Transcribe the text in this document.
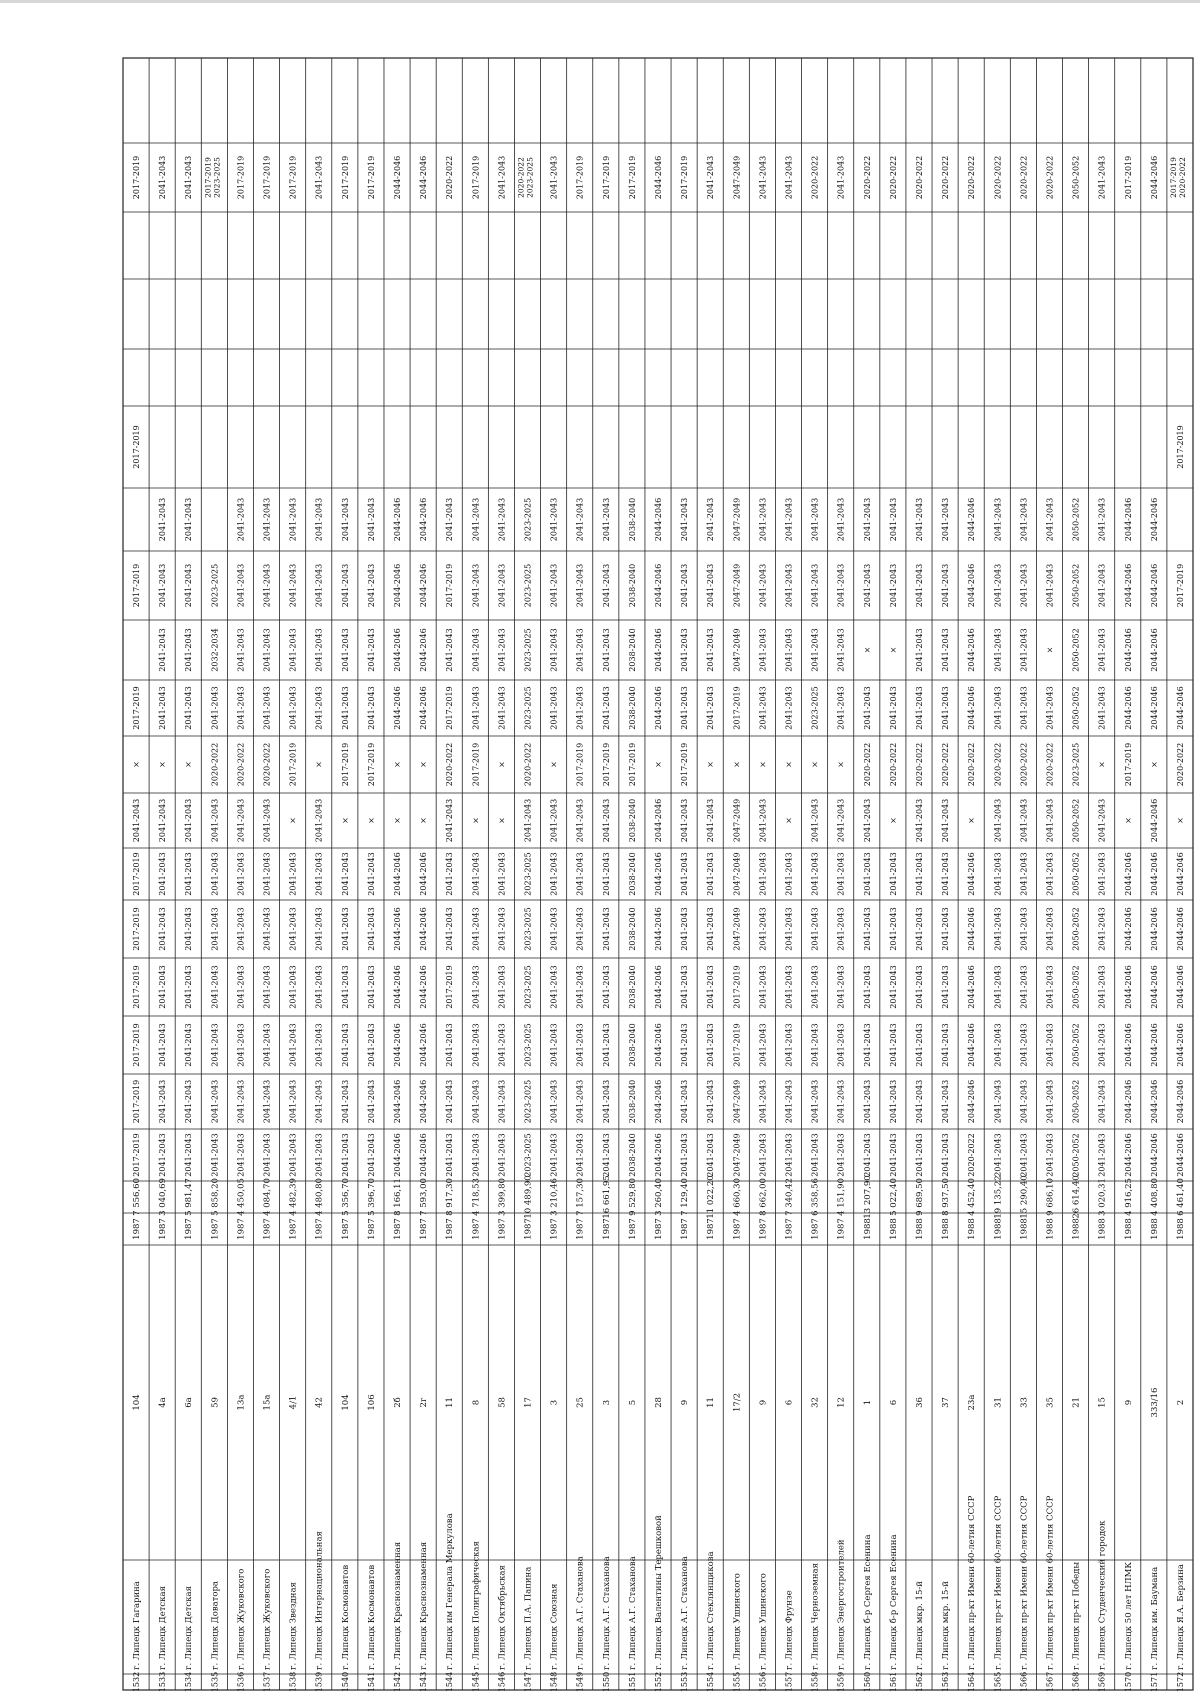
1532
г. Липецк Гагарина
104
1987
7 556,60
2017-2019
2017-2019
2017-2019
2017-2019
2017-2019
2017-2019
2041-2043
×
2017-2019
2017-2019
2017-2019
2017-2019
1533
г. Липецк Детская
4а
1987
3 040,69
2041-2043
2041-2043
2041-2043
2041-2043
2041-2043
2041-2043
2041-2043
×
2041-2043
2041-2043
2041-2043
2041-2043
2041-2043
1534
г. Липецк Детская
6а
1987
5 981,47
2041-2043
2041-2043
2041-2043
2041-2043
2041-2043
2041-2043
2041-2043
×
2041-2043
2041-2043
2041-2043
2041-2043
2041-2043
1535
г. Липецк Доватора
59
1987
5 858,20
2041-2043
2041-2043
2041-2043
2041-2043
2041-2043
2041-2043
2041-2043
2020-2022
2041-2043
2032-2034
2023-2025
2017-2019 2023-2025
1536
г. Липецк Жуковского
13а
1987
4 450,05
2041-2043
2041-2043
2041-2043
2041-2043
2041-2043
2041-2043
2041-2043
2020-2022
2041-2043
2041-2043
2041-2043
2041-2043
2017-2019
1537
г. Липецк Жуковского
15а
1987
4 084,70
2041-2043
2041-2043
2041-2043
2041-2043
2041-2043
2041-2043
2041-2043
2020-2022
2041-2043
2041-2043
2041-2043
2041-2043
2017-2019
1538
г. Липецк Звездная
4/1
1987
4 482,39
2041-2043
2041-2043
2041-2043
2041-2043
2041-2043
2041-2043
×
2017-2019
2041-2043
2041-2043
2041-2043
2041-2043
2017-2019
1539
г. Липецк Интернациональная
42
1987
4 480,80
2041-2043
2041-2043
2041-2043
2041-2043
2041-2043
2041-2043
2041-2043
×
2041-2043
2041-2043
2041-2043
2041-2043
2041-2043
1540
г. Липецк Космонавтов
104
1987
5 356,70
2041-2043
2041-2043
2041-2043
2041-2043
2041-2043
2041-2043
×
2017-2019
2041-2043
2041-2043
2041-2043
2041-2043
2017-2019
1541
г. Липецк Космонавтов
106
1987
5 396,70
2041-2043
2041-2043
2041-2043
2041-2043
2041-2043
2041-2043
×
2017-2019
2041-2043
2041-2043
2041-2043
2041-2043
2017-2019
1542
г. Липецк Краснознаменная
2б
1987
8 166,11
2044-2046
2044-2046
2044-2046
2044-2046
2044-2046
2044-2046
×
×
2044-2046
2044-2046
2044-2046
2044-2046
2044-2046
1543
г. Липецк Краснознаменная
2г
1987
7 593,00
2044-2046
2044-2046
2044-2046
2044-2046
2044-2046
2044-2046
×
×
2044-2046
2044-2046
2044-2046
2044-2046
2044-2046
1544
г. Липецк им Генерала Меркулова
11
1987
8 917,30
2041-2043
2041-2043
2041-2043
2017-2019
2041-2043
2041-2043
2041-2043
2020-2022
2017-2019
2041-2043
2017-2019
2041-2043
2020-2022
1545
г. Липецк Полиграфическая
8
1987
4 718,53
2041-2043
2041-2043
2041-2043
2041-2043
2041-2043
2041-2043
×
2017-2019
2041-2043
2041-2043
2041-2043
2041-2043
2017-2019
1546
г. Липецк Октябрьская
58
1987
3 399,80
2041-2043
2041-2043
2041-2043
2041-2043
2041-2043
2041-2043
×
×
2041-2043
2041-2043
2041-2043
2041-2043
2041-2043
1547
г. Липецк П.А. Папина
17
1987
10 489,90
2023-2025
2023-2025
2023-2025
2023-2025
2023-2025
2023-2025
2041-2043
2020-2022
2023-2025
2023-2025
2023-2025
2023-2025
2020-2022 2023-2025
1548
г. Липецк Союзная
3
1987
3 210,46
2041-2043
2041-2043
2041-2043
2041-2043
2041-2043
2041-2043
2041-2043
×
2041-2043
2041-2043
2041-2043
2041-2043
2041-2043
1549
г. Липецк А.Г. Стаханова
25
1987
7 157,30
2041-2043
2041-2043
2041-2043
2041-2043
2041-2043
2041-2043
2041-2043
2017-2019
2041-2043
2041-2043
2041-2043
2041-2043
2017-2019
1550
г. Липецк А.Г. Стаханова
3
1987
16 661,95
2041-2043
2041-2043
2041-2043
2041-2043
2041-2043
2041-2043
2041-2043
2017-2019
2041-2043
2041-2043
2041-2043
2041-2043
2017-2019
1551
г. Липецк А.Г. Стаханова
5
1987
9 529,80
2038-2040
2038-2040
2038-2040
2038-2040
2038-2040
2038-2040
2038-2040
2017-2019
2038-2040
2038-2040
2038-2040
2038-2040
2017-2019
1552
г. Липецк Валентины Терешковой
28
1987
3 260,40
2044-2046
2044-2046
2044-2046
2044-2046
2044-2046
2044-2046
2044-2046
×
2044-2046
2044-2046
2044-2046
2044-2046
2044-2046
1553
г. Липецк А.Г. Стаханова
9
1987
7 129,40
2041-2043
2041-2043
2041-2043
2041-2043
2041-2043
2041-2043
2041-2043
2017-2019
2041-2043
2041-2043
2041-2043
2041-2043
2017-2019
1554
г. Липецк Стеклянщикова
11
1987
11 022,20
2041-2043
2041-2043
2041-2043
2041-2043
2041-2043
2041-2043
2041-2043
×
2041-2043
2041-2043
2041-2043
2041-2043
2041-2043
1555
г. Липецк Ушинского
17/2
1987
4 660,30
2047-2049
2047-2049
2017-2019
2017-2019
2047-2049
2047-2049
2047-2049
×
2017-2019
2047-2049
2047-2049
2047-2049
2047-2049
1556
г. Липецк Ушинского
9
1987
8 662,00
2041-2043
2041-2043
2041-2043
2041-2043
2041-2043
2041-2043
2041-2043
×
2041-2043
2041-2043
2041-2043
2041-2043
2041-2043
1557
г. Липецк Фрунзе
6
1987
7 340,42
2041-2043
2041-2043
2041-2043
2041-2043
2041-2043
2041-2043
×
×
2041-2043
2041-2043
2041-2043
2041-2043
2041-2043
1558
г. Липецк Черноземная
32
1987
6 358,56
2041-2043
2041-2043
2041-2043
2041-2043
2041-2043
2041-2043
2041-2043
×
2023-2025
2041-2043
2041-2043
2041-2043
2020-2022
1559
г. Липецк Энергостроителей
12
1987
4 151,90
2041-2043
2041-2043
2041-2043
2041-2043
2041-2043
2041-2043
2041-2043
×
2041-2043
2041-2043
2041-2043
2041-2043
2041-2043
1560
г. Липецк б-р Сергея Есенина
1
1988
13 207,90
2041-2043
2041-2043
2041-2043
2041-2043
2041-2043
2041-2043
2041-2043
2020-2022
2041-2043
×
2041-2043
2041-2043
2020-2022
1561
г. Липецк б-р Сергея Есенина
6
1988
5 022,40
2041-2043
2041-2043
2041-2043
2041-2043
2041-2043
2041-2043
×
2020-2022
2041-2043
×
2041-2043
2041-2043
2020-2022
1562
г. Липецк мкр. 15-й
36
1988
9 689,50
2041-2043
2041-2043
2041-2043
2041-2043
2041-2043
2041-2043
2041-2043
2020-2022
2041-2043
2041-2043
2041-2043
2041-2043
2020-2022
1563
г. Липецк мкр. 15-й
37
1988
8 937,50
2041-2043
2041-2043
2041-2043
2041-2043
2041-2043
2041-2043
2041-2043
2020-2022
2041-2043
2041-2043
2041-2043
2041-2043
2020-2022
1564
г. Липецк пр-кт Имени 60-летия СССР
23а
1988
4 452,40
2020-2022
2044-2046
2044-2046
2044-2046
2044-2046
2044-2046
×
2020-2022
2044-2046
2044-2046
2044-2046
2044-2046
2020-2022
1565
г. Липецк пр-кт Имени 60-летия СССР
31
1988
19 135,22
2041-2043
2041-2043
2041-2043
2041-2043
2041-2043
2041-2043
2041-2043
2020-2022
2041-2043
2041-2043
2041-2043
2041-2043
2020-2022
1566
г. Липецк пр-кт Имени 60-летия СССР
33
1988
15 290,40
2041-2043
2041-2043
2041-2043
2041-2043
2041-2043
2041-2043
2041-2043
2020-2022
2041-2043
2041-2043
2041-2043
2041-2043
2020-2022
1567
г. Липецк пр-кт Имени 60-летия СССР
35
1988
9 686,10
2041-2043
2041-2043
2041-2043
2041-2043
2041-2043
2041-2043
2041-2043
2020-2022
2041-2043
×
2041-2043
2041-2043
2020-2022
1568
г. Липецк пр-кт Победы
21
1988
26 614,40
2050-2052
2050-2052
2050-2052
2050-2052
2050-2052
2050-2052
2050-2052
2023-2025
2050-2052
2050-2052
2050-2052
2050-2052
2050-2052
1569
г. Липецк Студенческий городок
15
1988
3 020,31
2041-2043
2041-2043
2041-2043
2041-2043
2041-2043
2041-2043
2041-2043
×
2041-2043
2041-2043
2041-2043
2041-2043
2041-2043
1570
г. Липецк 50 лет НЛМК
9
1988
4 916,25
2044-2046
2044-2046
2044-2046
2044-2046
2044-2046
2044-2046
×
2017-2019
2044-2046
2044-2046
2044-2046
2044-2046
2017-2019
1571
г. Липецк им. Баумана
333/16
1988
4 408,80
2044-2046
2044-2046
2044-2046
2044-2046
2044-2046
2044-2046
2044-2046
×
2044-2046
2044-2046
2044-2046
2044-2046
2044-2046
1572
г. Липецк Я.А. Берзина
2
1988
6 461,40
2044-2046
2044-2046
2044-2046
2044-2046
2044-2046
2044-2046
×
2020-2022
2044-2046
2017-2019
2017-2019
2017-2019 2020-2022
